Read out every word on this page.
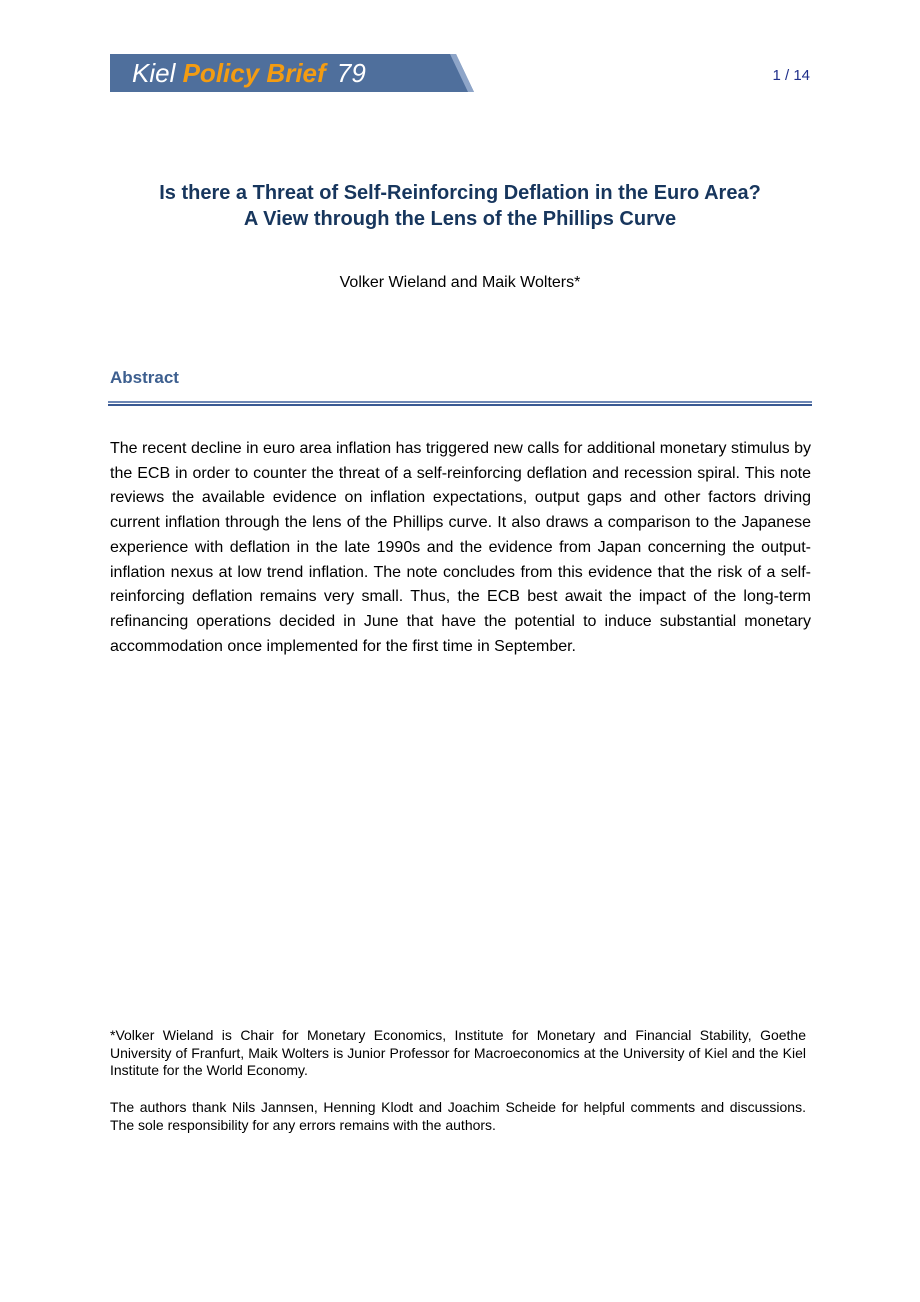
Kiel Policy Brief 79	1 / 14
Is there a Threat of Self-Reinforcing Deflation in the Euro Area?
A View through the Lens of the Phillips Curve
Volker Wieland and Maik Wolters*
Abstract
The recent decline in euro area inflation has triggered new calls for additional monetary stimulus by the ECB in order to counter the threat of a self-reinforcing deflation and recession spiral. This note reviews the available evidence on inflation expectations, output gaps and other factors driving current inflation through the lens of the Phillips curve. It also draws a comparison to the Japanese experience with deflation in the late 1990s and the evidence from Japan concerning the output-inflation nexus at low trend inflation. The note concludes from this evidence that the risk of a self-reinforcing deflation remains very small. Thus, the ECB best await the impact of the long-term refinancing operations decided in June that have the potential to induce substantial monetary accommodation once implemented for the first time in September.
*Volker Wieland is Chair for Monetary Economics, Institute for Monetary and Financial Stability, Goethe University of Franfurt, Maik Wolters is Junior Professor for Macroeconomics at the University of Kiel and the Kiel Institute for the World Economy.
The authors thank Nils Jannsen, Henning Klodt and Joachim Scheide for helpful comments and discussions. The sole responsibility for any errors remains with the authors.
